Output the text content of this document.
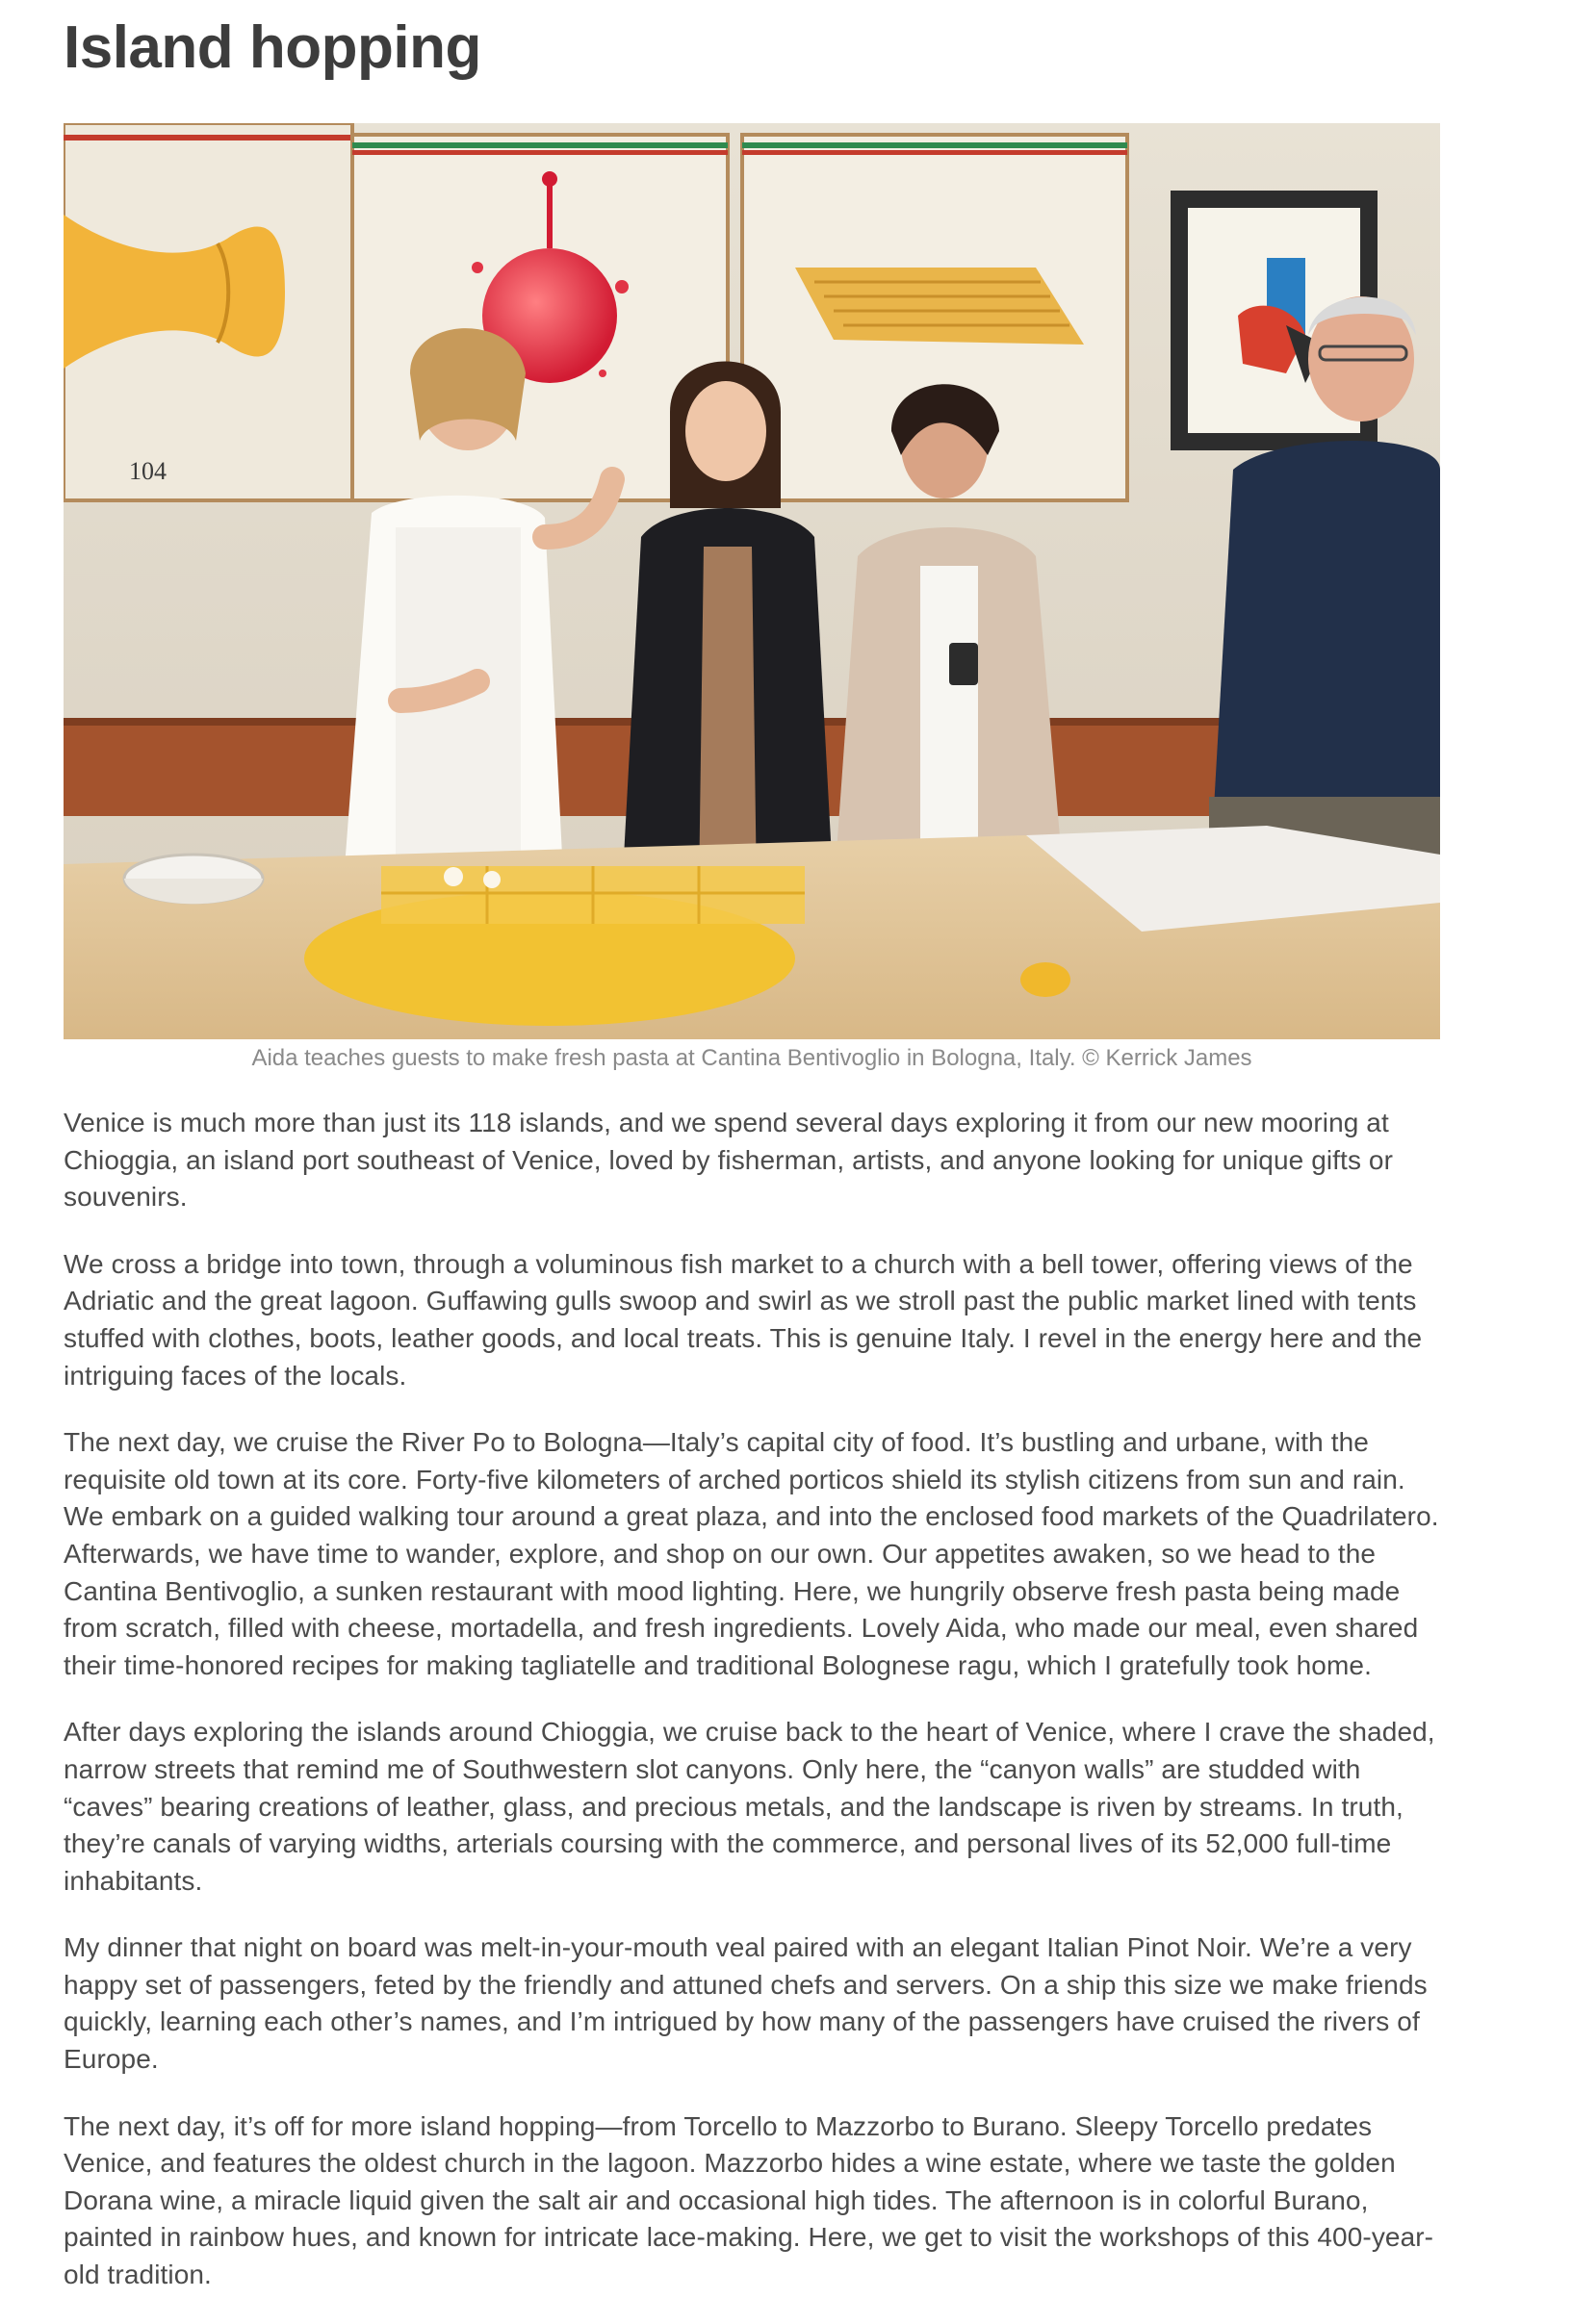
Island hopping
104
Aida teaches guests to make fresh pasta at Cantina Bentivoglio in Bologna, Italy. © Kerrick James

Venice is much more than just its 118 islands, and we spend several days exploring it from our new mooring at Chioggia, an island port southeast of Venice, loved by fisherman, artists, and anyone looking for unique gifts or souvenirs.

We cross a bridge into town, through a voluminous fish market to a church with a bell tower, offering views of the Adriatic and the great lagoon. Guffawing gulls swoop and swirl as we stroll past the public market lined with tents stuffed with clothes, boots, leather goods, and local treats. This is genuine Italy. I revel in the energy here and the intriguing faces of the locals.

The next day, we cruise the River Po to Bologna—Italy’s capital city of food. It’s bustling and urbane, with the requisite old town at its core. Forty-five kilometers of arched porticos shield its stylish citizens from sun and rain. We embark on a guided walking tour around a great plaza, and into the enclosed food markets of the Quadrilatero. Afterwards, we have time to wander, explore, and shop on our own. Our appetites awaken, so we head to the Cantina Bentivoglio, a sunken restaurant with mood lighting. Here, we hungrily observe fresh pasta being made from scratch, filled with cheese, mortadella, and fresh ingredients. Lovely Aida, who made our meal, even shared their time-honored recipes for making tagliatelle and traditional Bolognese ragu, which I gratefully took home.

After days exploring the islands around Chioggia, we cruise back to the heart of Venice, where I crave the shaded, narrow streets that remind me of Southwestern slot canyons. Only here, the “canyon walls” are studded with “caves” bearing creations of leather, glass, and precious metals, and the landscape is riven by streams. In truth, they’re canals of varying widths, arterials coursing with the commerce, and personal lives of its 52,000 full-time inhabitants.

My dinner that night on board was melt-in-your-mouth veal paired with an elegant Italian Pinot Noir. We’re a very happy set of passengers, feted by the friendly and attuned chefs and servers. On a ship this size we make friends quickly, learning each other’s names, and I’m intrigued by how many of the passengers have cruised the rivers of Europe.

The next day, it’s off for more island hopping—from Torcello to Mazzorbo to Burano. Sleepy Torcello predates Venice, and features the oldest church in the lagoon. Mazzorbo hides a wine estate, where we taste the golden Dorana wine, a miracle liquid given the salt air and occasional high tides. The afternoon is in colorful Burano, painted in rainbow hues, and known for intricate lace-making. Here, we get to visit the workshops of this 400-year-old tradition.
